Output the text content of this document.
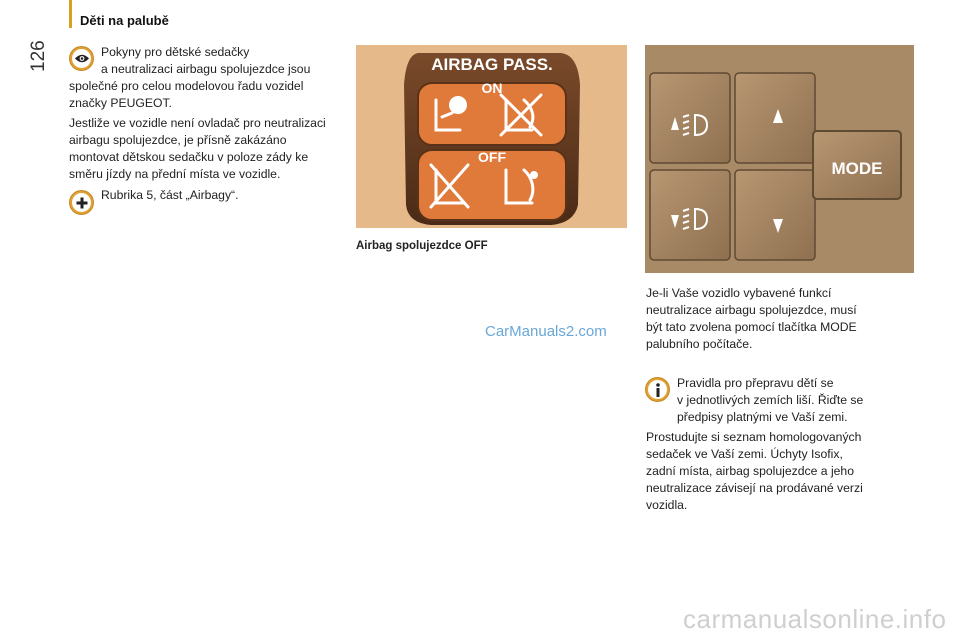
Děti na palubě
126	Pokyny pro dětské sedačky
a neutralizaci airbagu spolujezdce jsou
společné pro celou modelovou řadu vozidel
značky PEUGEOT.
Jestliže ve vozidle není ovladač pro neutralizaci
airbagu spolujezdce, je přísně zakázáno
montovat dětskou sedačku v poloze zády ke
směru jízdy na přední místa ve vozidle.
Rubrika 5, část „Airbagy“.
AIRBAG PASS.
ON
OFF
Airbag spolujezdce OFF
CarManuals2.com
MODE
Je-li Vaše vozidlo vybavené funkcí
neutralizace airbagu spolujezdce, musí
být tato zvolena pomocí tlačítka MODE
palubního počítače.
Pravidla pro přepravu dětí se
v jednotlivých zemích liší. Řiďte se
předpisy platnými ve Vaší zemi.
Prostudujte si seznam homologovaných
sedaček ve Vaší zemi. Úchyty Isofix,
zadní místa, airbag spolujezdce a jeho
neutralizace závisejí na prodávané verzi
vozidla.
carmanualsonline.info
